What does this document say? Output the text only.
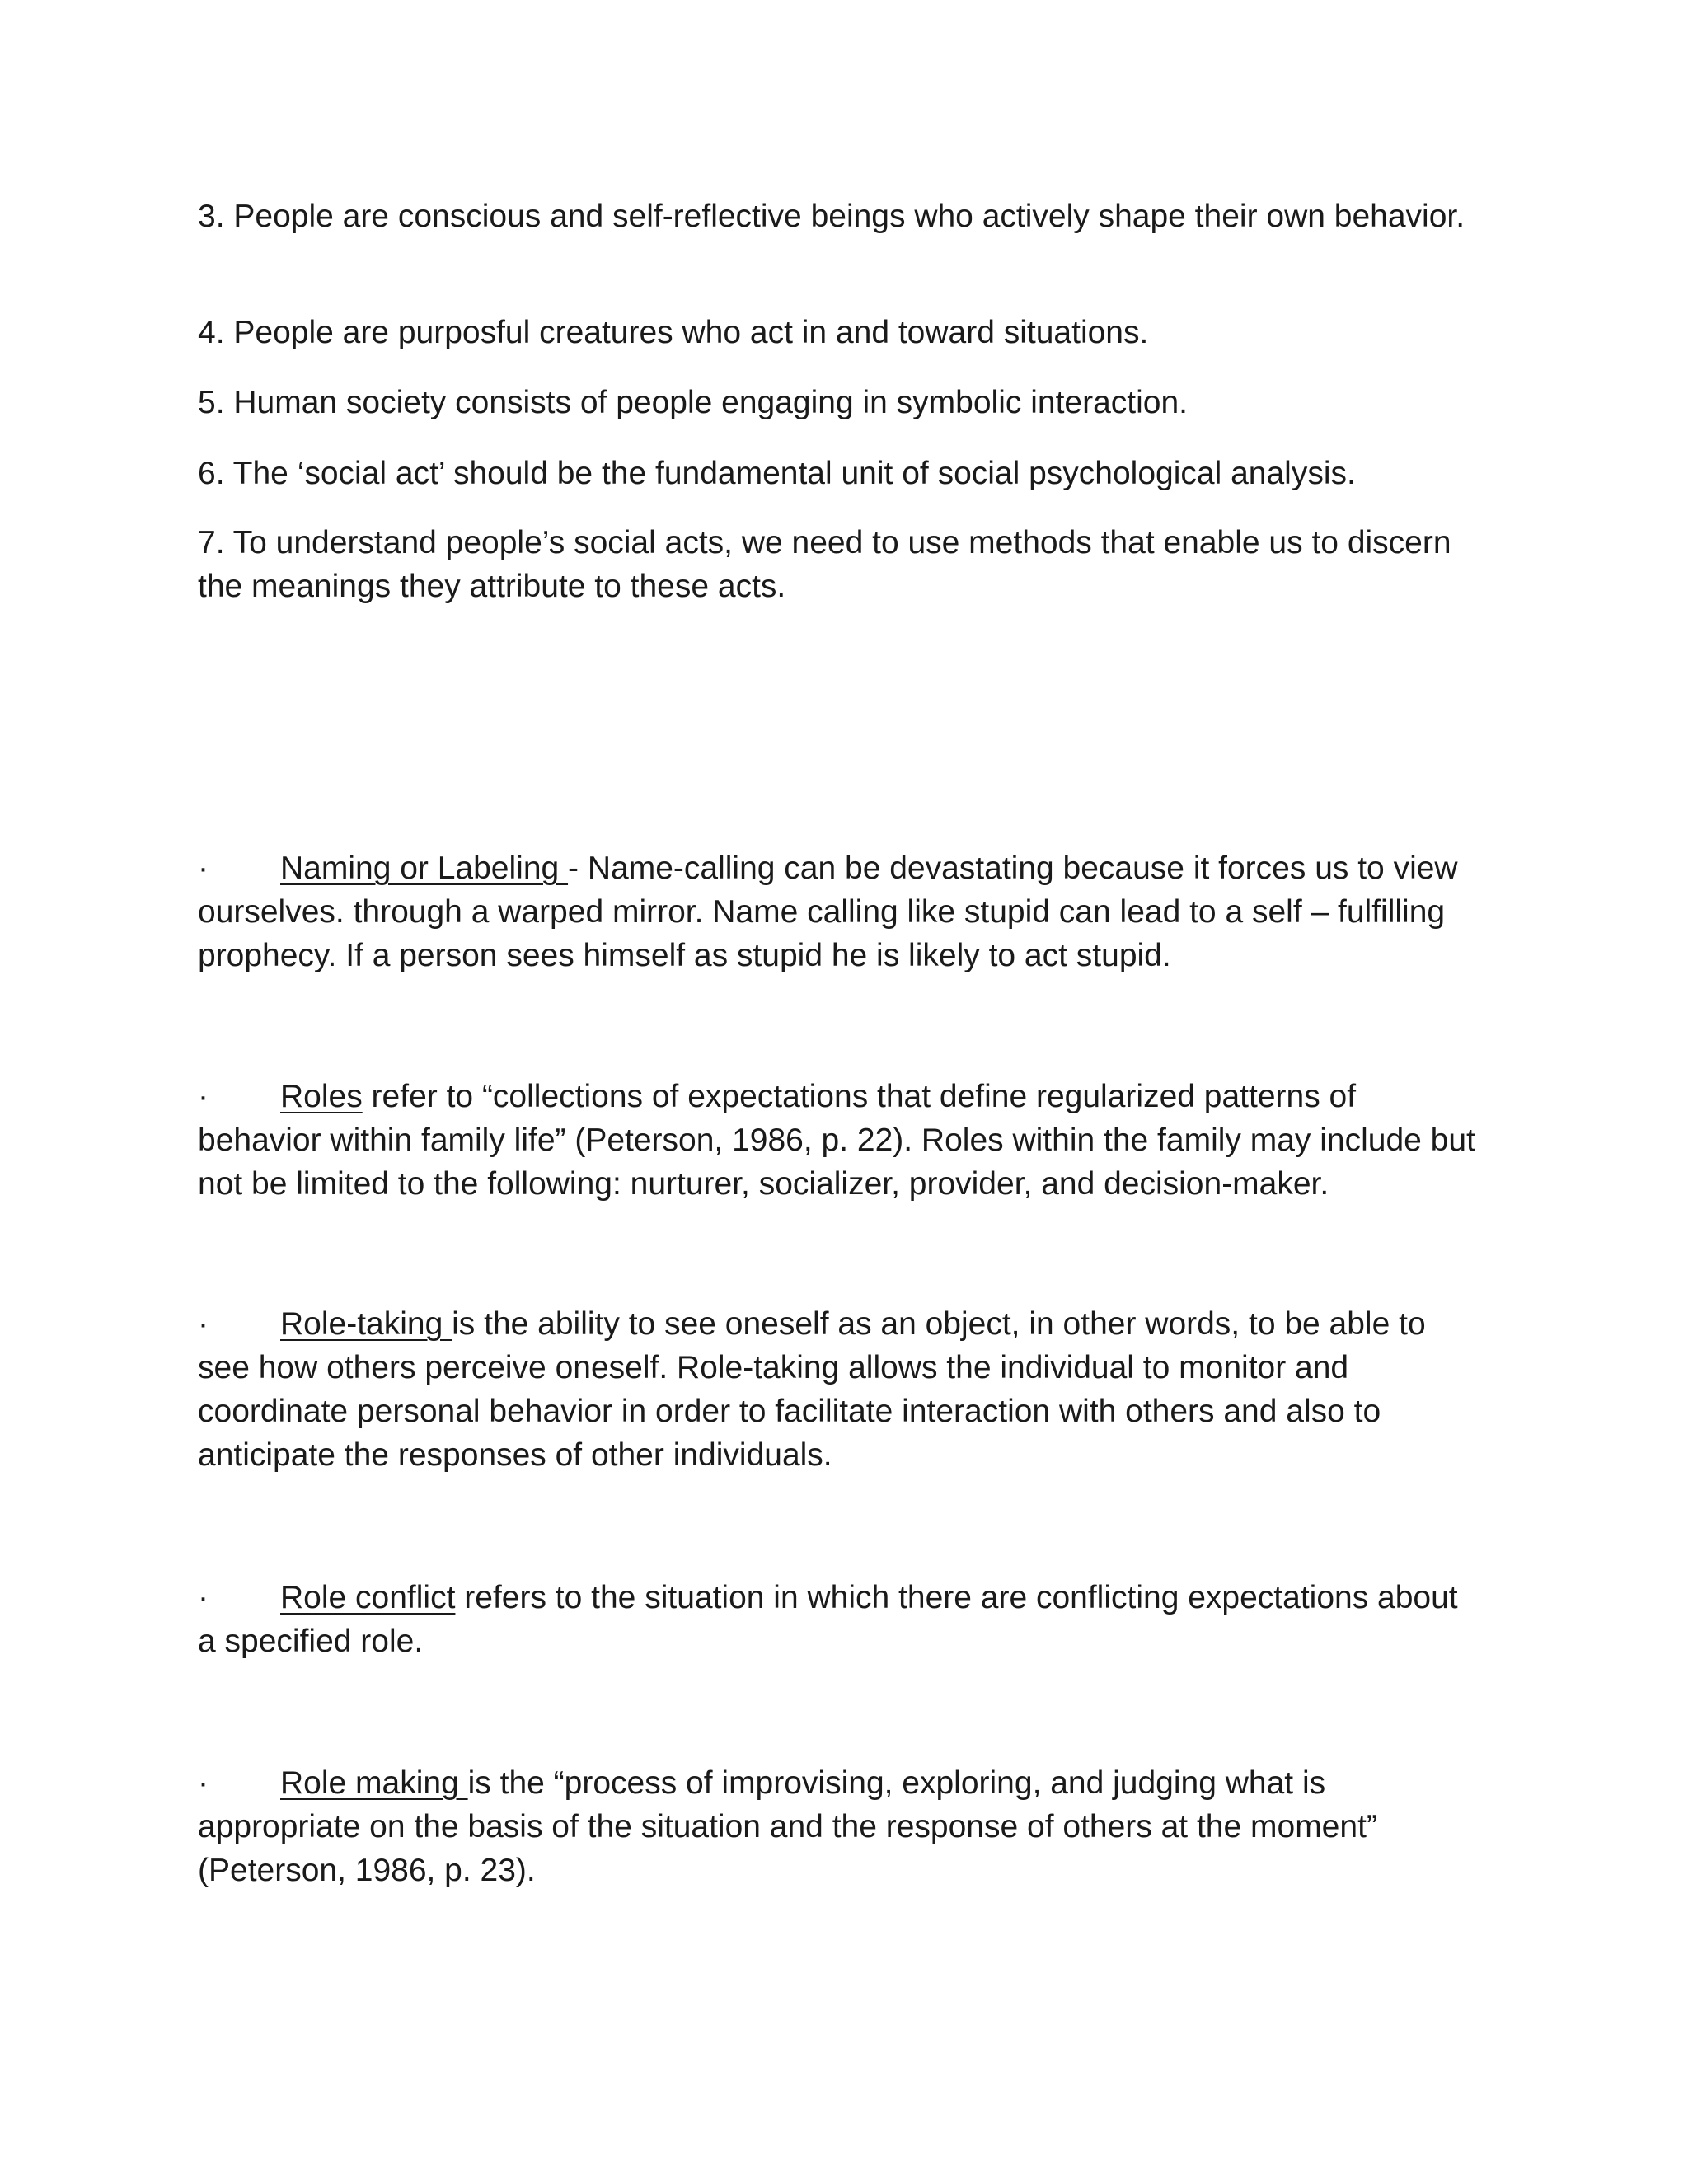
3. People are conscious and self-reflective beings who actively shape their own behavior.

4. People are purposful creatures who act in and toward situations.

5. Human society consists of people engaging in symbolic interaction.

6. The ‘social act’ should be the fundamental unit of social psychological analysis.

7. To understand people’s social acts, we need to use methods that enable us to discern the meanings they attribute to these acts.

· Naming or Labeling - Name-calling can be devastating because it forces us to view ourselves. through a warped mirror. Name calling like stupid can lead to a self – fulfilling prophecy. If a person sees himself as stupid he is likely to act stupid.

· Roles refer to “collections of expectations that define regularized patterns of behavior within family life” (Peterson, 1986, p. 22). Roles within the family may include but not be limited to the following: nurturer, socializer, provider, and decision-maker.

· Role-taking is the ability to see oneself as an object, in other words, to be able to see how others perceive oneself. Role-taking allows the individual to monitor and coordinate personal behavior in order to facilitate interaction with others and also to anticipate the responses of other individuals.

· Role conflict refers to the situation in which there are conflicting expectations about a specified role.

· Role making is the “process of improvising, exploring, and judging what is appropriate on the basis of the situation and the response of others at the moment” (Peterson, 1986, p. 23).
